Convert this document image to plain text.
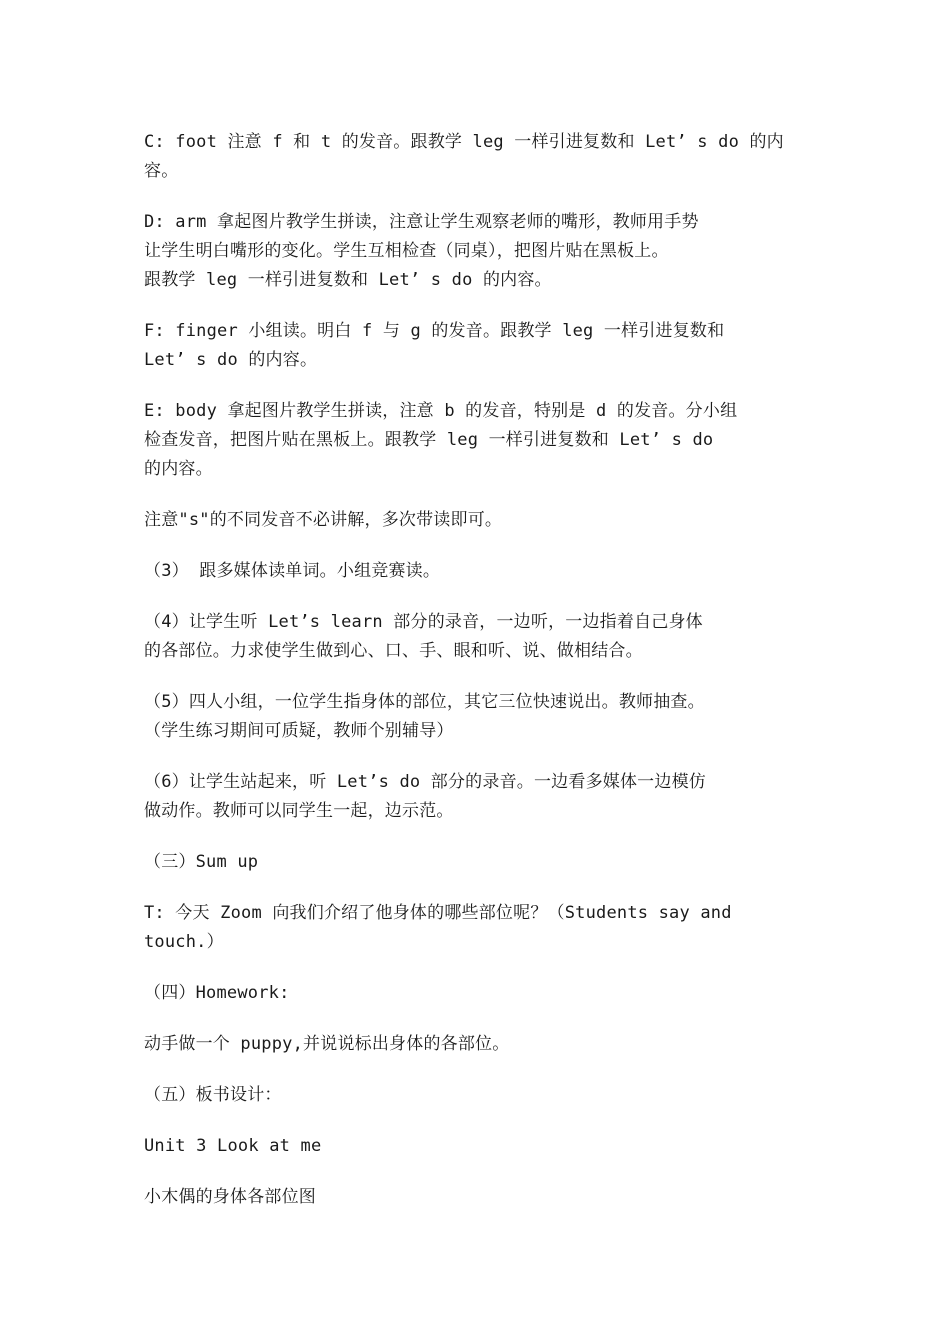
C: foot 注意 f 和 t 的发音。跟教学 leg 一样引进复数和 Let’ s do 的内
容。

D: arm 拿起图片教学生拼读，注意让学生观察老师的嘴形，教师用手势
让学生明白嘴形的变化。学生互相检查（同桌），把图片贴在黑板上。
跟教学 leg 一样引进复数和 Let’ s do 的内容。

F: finger 小组读。明白 f 与 g 的发音。跟教学 leg 一样引进复数和
Let’ s do 的内容。

E: body 拿起图片教学生拼读，注意 b 的发音，特别是 d 的发音。分小组
检查发音，把图片贴在黑板上。跟教学 leg 一样引进复数和 Let’ s do
的内容。

注意"s"的不同发音不必讲解，多次带读即可。

（3） 跟多媒体读单词。小组竞赛读。

（4）让学生听 Let’s learn 部分的录音，一边听，一边指着自己身体
的各部位。力求使学生做到心、口、手、眼和听、说、做相结合。

（5）四人小组，一位学生指身体的部位，其它三位快速说出。教师抽查。
（学生练习期间可质疑，教师个别辅导）

（6）让学生站起来，听 Let’s do 部分的录音。一边看多媒体一边模仿
做动作。教师可以同学生一起，边示范。

（三）Sum up

T: 今天 Zoom 向我们介绍了他身体的哪些部位呢？（Students say and
touch.）

（四）Homework:

动手做一个 puppy,并说说标出身体的各部位。

（五）板书设计：

Unit 3 Look at me

小木偶的身体各部位图
